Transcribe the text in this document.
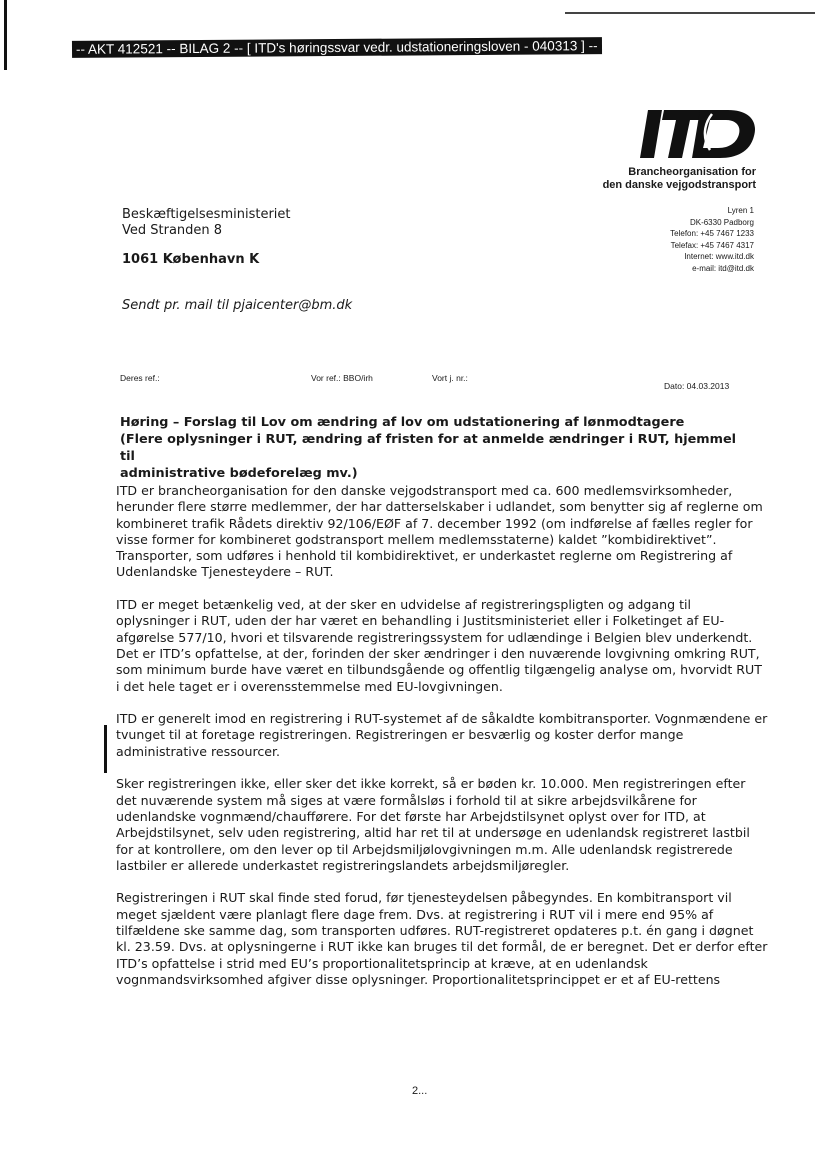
-- AKT 412521 -- BILAG 2 -- [ ITD's høringssvar vedr. udstationeringsloven - 040313 ] --
Brancheorganisation for
den danske vejgodstransport
Lyren 1
DK-6330 Padborg
Telefon: +45 7467 1233
Telefax: +45 7467 4317
Internet: www.itd.dk
e-mail: itd@itd.dk
Beskæftigelsesministeriet
Ved Stranden 8
1061 København K
Sendt pr. mail til pjaicenter@bm.dk
Deres ref.:	Vor ref.: BBO/irh	Vort j. nr.:
Dato: 04.03.2013
Høring – Forslag til Lov om ændring af lov om udstationering af lønmodtagere
(Flere oplysninger i RUT, ændring af fristen for at anmelde ændringer i RUT, hjemmel til
administrative bødeforelæg mv.)

ITD er brancheorganisation for den danske vejgodstransport med ca. 600 medlemsvirksomheder, herunder flere større medlemmer, der har datterselskaber i udlandet, som benytter sig af reglerne om kombineret trafik Rådets direktiv 92/106/EØF af 7. december 1992 (om indførelse af fælles regler for visse former for kombineret godstransport mellem medlemsstaterne) kaldet ”kombidirektivet”. Transporter, som udføres i henhold til kombidirektivet, er underkastet reglerne om Registrering af Udenlandske Tjenesteydere – RUT.

ITD er meget betænkelig ved, at der sker en udvidelse af registreringspligten og adgang til oplysninger i RUT, uden der har været en behandling i Justitsministeriet eller i Folketinget af EU-afgørelse 577/10, hvori et tilsvarende registreringssystem for udlændinge i Belgien blev underkendt. Det er ITD’s opfattelse, at der, forinden der sker ændringer i den nuværende lovgivning omkring RUT, som minimum burde have været en tilbundsgående og offentlig tilgængelig analyse om, hvorvidt RUT i det hele taget er i overensstemmelse med EU-lovgivningen.

ITD er generelt imod en registrering i RUT-systemet af de såkaldte kombitransporter. Vognmændene er tvunget til at foretage registreringen. Registreringen er besværlig og koster derfor mange administrative ressourcer.

Sker registreringen ikke, eller sker det ikke korrekt, så er bøden kr. 10.000. Men registreringen efter det nuværende system må siges at være formålsløs i forhold til at sikre arbejdsvilkårene for udenlandske vognmænd/chaufførere. For det første har Arbejdstilsynet oplyst over for ITD, at Arbejdstilsynet, selv uden registrering, altid har ret til at undersøge en udenlandsk registreret lastbil for at kontrollere, om den lever op til Arbejdsmiljølovgivningen m.m. Alle udenlandsk registrerede lastbiler er allerede underkastet registreringslandets arbejdsmiljøregler.

Registreringen i RUT skal finde sted forud, før tjenesteydelsen påbegyndes. En kombitransport vil meget sjældent være planlagt flere dage frem. Dvs. at registrering i RUT vil i mere end 95% af tilfældene ske samme dag, som transporten udføres. RUT-registreret opdateres p.t. én gang i døgnet kl. 23.59. Dvs. at oplysningerne i RUT ikke kan bruges til det formål, de er beregnet. Det er derfor efter ITD’s opfattelse i strid med EU’s proportionalitetsprincip at kræve, at en udenlandsk vognmandsvirksomhed afgiver disse oplysninger. Proportionalitetsprincippet er et af EU-rettens

2...
